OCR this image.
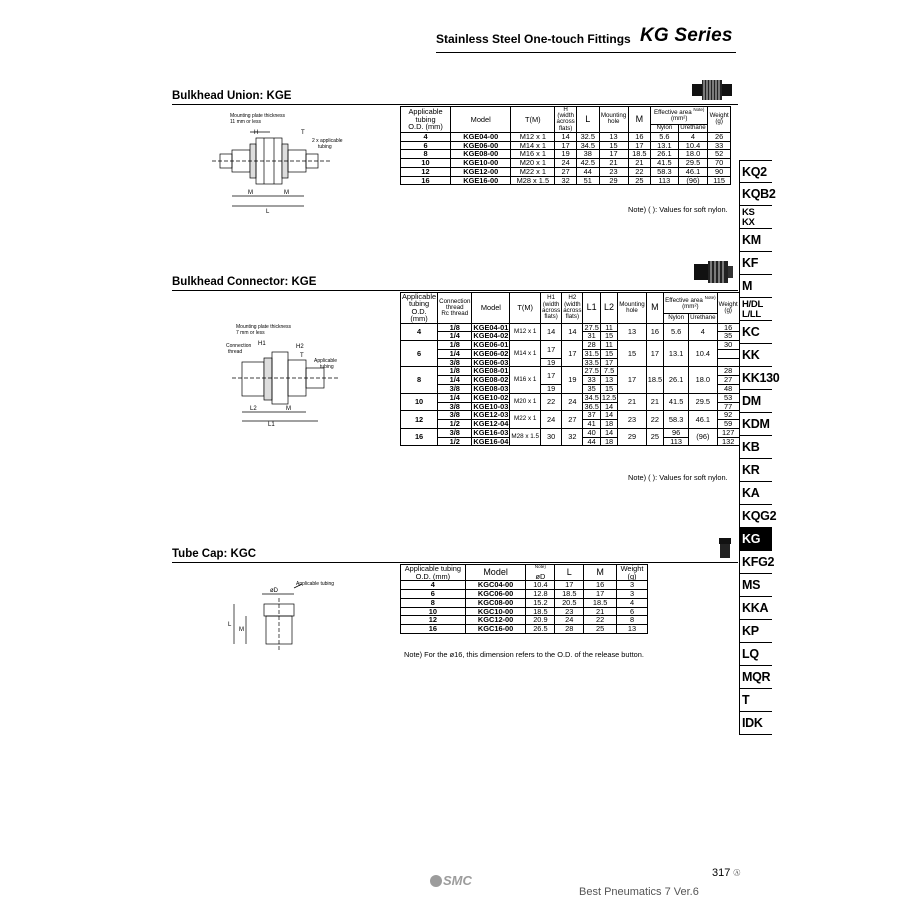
Stainless Steel One-touch Fittings KG Series
Bulkhead Union: KGE
Mounting plate thickness
11 mm or less
2 x applicable
tubing
H	T
M	M
L
Applicable
tubing
O.D. (mm)	Model	T(M)	H
(width
across
flats)	L	Mounting
hole	M	Effective area $^{Note)}$
(mm²)		Weight
(g)
							Nylon	Urethane	
4	KGE04-00	M12 x 1	14	32.5	13	16	5.6	4	26
6	KGE06-00	M14 x 1	17	34.5	15	17	13.1	10.4	33
8	KGE08-00	M16 x 1	19	38	17	18.5	26.1	18.0	52
10	KGE10-00	M20 x 1	24	42.5	21	21	41.5	29.5	70
12	KGE12-00	M22 x 1	27	44	23	22	58.3	46.1	90
16	KGE16-00	M28 x 1.5	32	51	29	25	113	(96)	115
Note) ( ): Values for soft nylon.
Bulkhead Connector: KGE
Mounting plate thickness
7 mm or less
Connection
thread
H1	H2
T
Applicable
tubing
L2	M
L1
Applicable
tubing
O.D. (mm)	Connection
thread
Rc thread	Model	T(M)	H1
(width
across
flats)	H2
(width
across
flats)	L1	L2	Mounting
hole	M	Effective area $^{Note)}$
(mm²)		Weight
(g)
										Nylon	Urethane	
4	1/8	KGE04-01	M12 x 1	14	14	27.5	11	13	16	5.6	4	16
	1/4	KGE04-02				31	15					35
6	1/8	KGE06-01	M14 x 1	17	17	28	11	15	17	13.1	10.4	30
	1/4	KGE06-02				31.5	15					
	3/8	KGE06-03		19		33.5	17					
8	1/8	KGE08-01	M16 x 1	17	19	27.5	7.5	17	18.5	26.1	18.0	28
	1/4	KGE08-02				33	13					27
	3/8	KGE08-03		19		35	15					48
10	1/4	KGE10-02	M20 x 1	22	24	34.5	12.5	21	21	41.5	29.5	53
	3/8	KGE10-03				36.5	14					77
12	3/8	KGE12-03	M22 x 1	24	27	37	14	23	22	58.3	46.1	92
	1/2	KGE12-04				41	18					59
16	3/8	KGE16-03	M28 x 1.5	30	32	40	14	29	25	96	(96)	127
	1/2	KGE16-04				44	18			113		132
Note) ( ): Values for soft nylon.
Tube Cap: KGC
Applicable tubing
øD
L
M
Applicable tubing
O.D. (mm)	Model	$^{Note)}$
øD	L	M	Weight
(g)
4	KGC04-00	10.4	17	16	3
6	KGC06-00	12.8	18.5	17	3
8	KGC08-00	15.2	20.5	18.5	4
10	KGC10-00	18.5	23	21	6
12	KGC12-00	20.9	24	22	8
16	KGC16-00	26.5	28	25	13
Note) For the ø16, this dimension refers to the O.D. of the release button.
KQ2
KQB2
KS
KX
KM
KF
M
H/DL
L/LL
KC
KK
KK130
DM
KDM
KB
KR
KA
KQG2
KG
KFG2
MS
KKA
KP
LQ
MQR
T
IDK
SMC	317 Ⓐ
Best Pneumatics 7 Ver.6
